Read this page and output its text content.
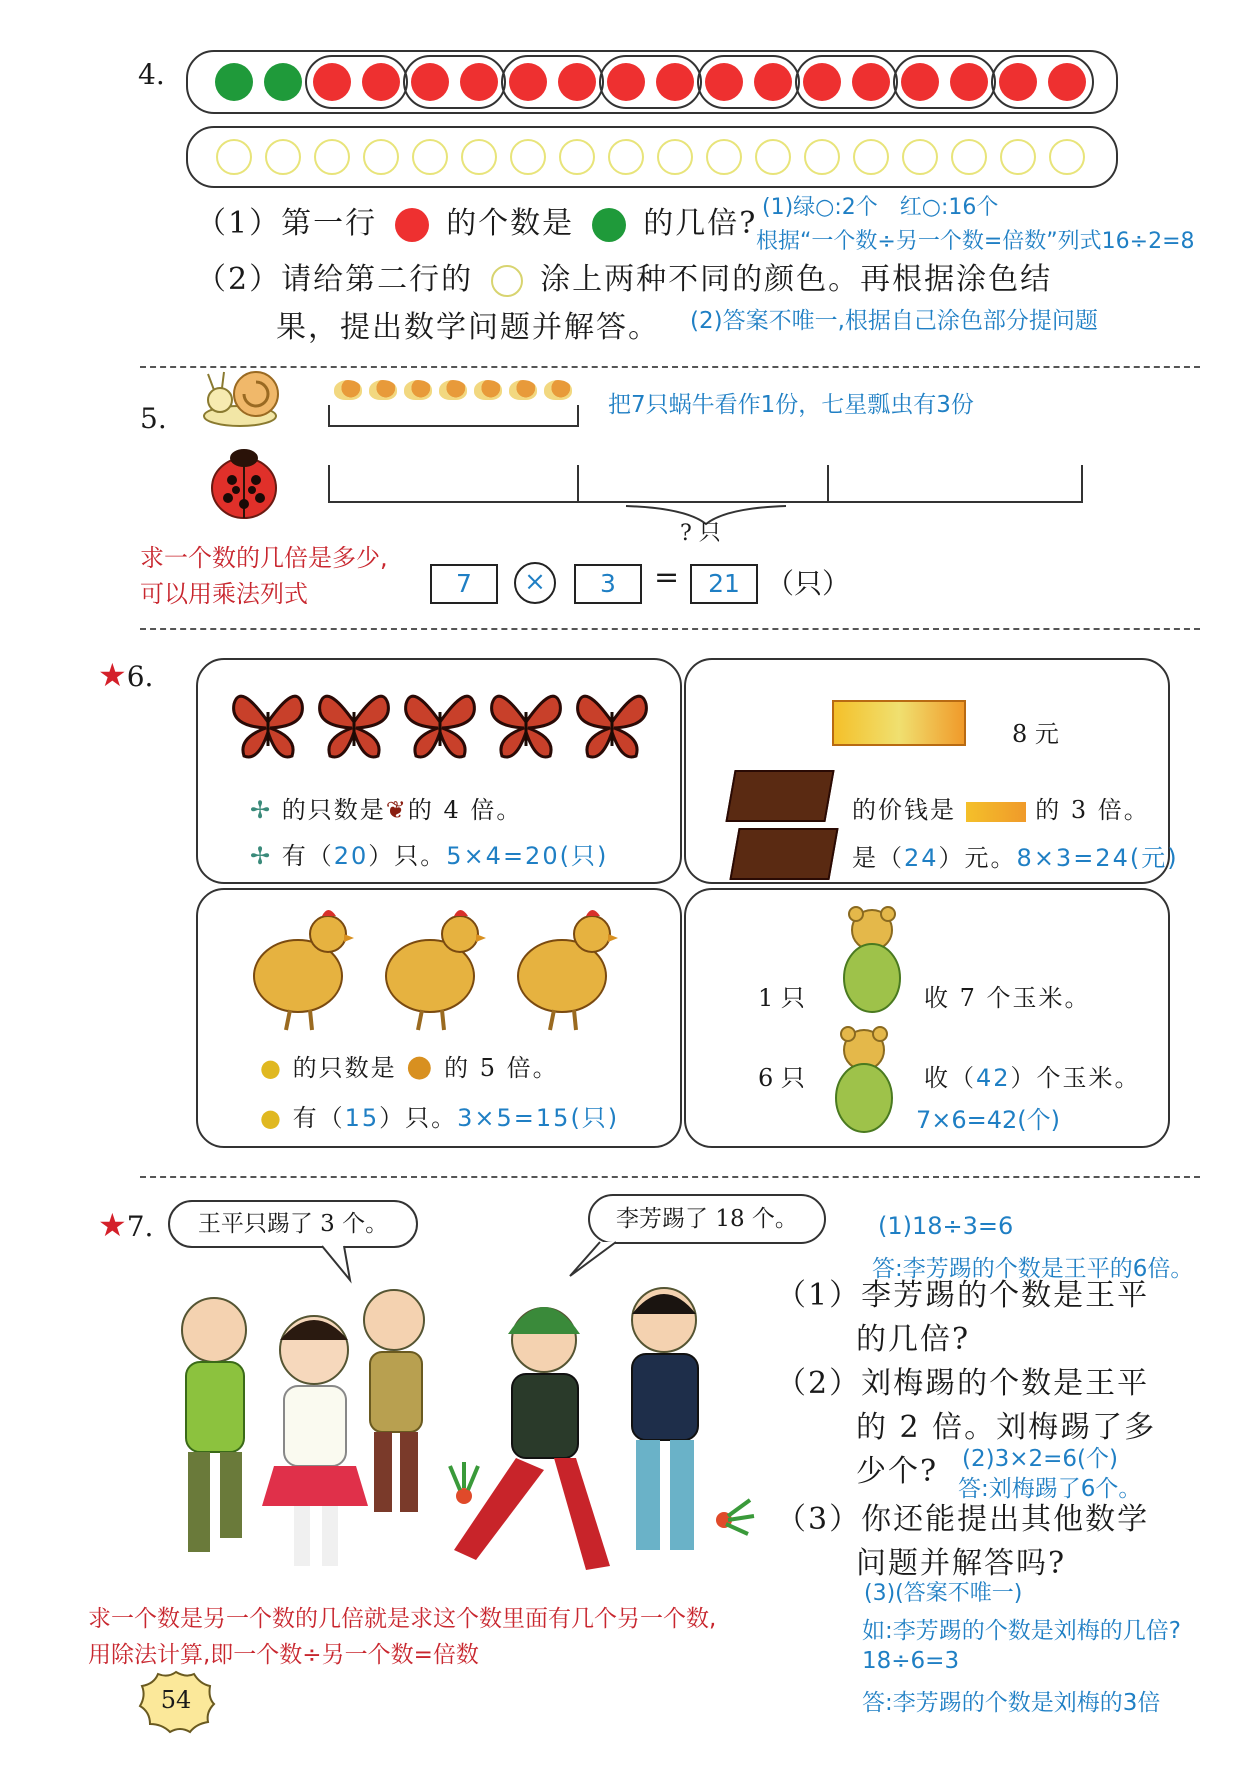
4.
（1）第一行 的个数是 的几倍? (1)绿○:2个　红○:16个
根据“一个数÷另一个数=倍数”列式16÷2=8
（2）请给第二行的 涂上两种不同的颜色。再根据涂色结
果，提出数学问题并解答。 (2)答案不唯一,根据自己涂色部分提问题
5.	把7只蜗牛看作1份，七星瓢虫有3份
? 只
求一个数的几倍是多少,
可以用乘法列式	7	×	3	=	21 （只）
★6.
✢ 的只数是❦的 4 倍。
✢ 有（20）只。5×4=20(只)
8 元
的价钱是	的 3 倍。
是（24）元。8×3=24(元)
● 的只数是 ● 的 5 倍。
● 有（15）只。3×5=15(只)
1 只	收 7 个玉米。
6 只	收（42）个玉米。
7×6=42(个)
★7.	王平只踢了 3 个。	李芳踢了 18 个。	(1)18÷3=6
答:李芳踢的个数是王平的6倍。
（1）李芳踢的个数是王平
的几倍?
（2）刘梅踢的个数是王平
的 2 倍。刘梅踢了多
少个? (2)3×2=6(个)
答:刘梅踢了6个。
（3）你还能提出其他数学
问题并解答吗?
(3)(答案不唯一)
如:李芳踢的个数是刘梅的几倍?
18÷6=3
答:李芳踢的个数是刘梅的3倍
求一个数是另一个数的几倍就是求这个数里面有几个另一个数,
用除法计算,即一个数÷另一个数=倍数
54
